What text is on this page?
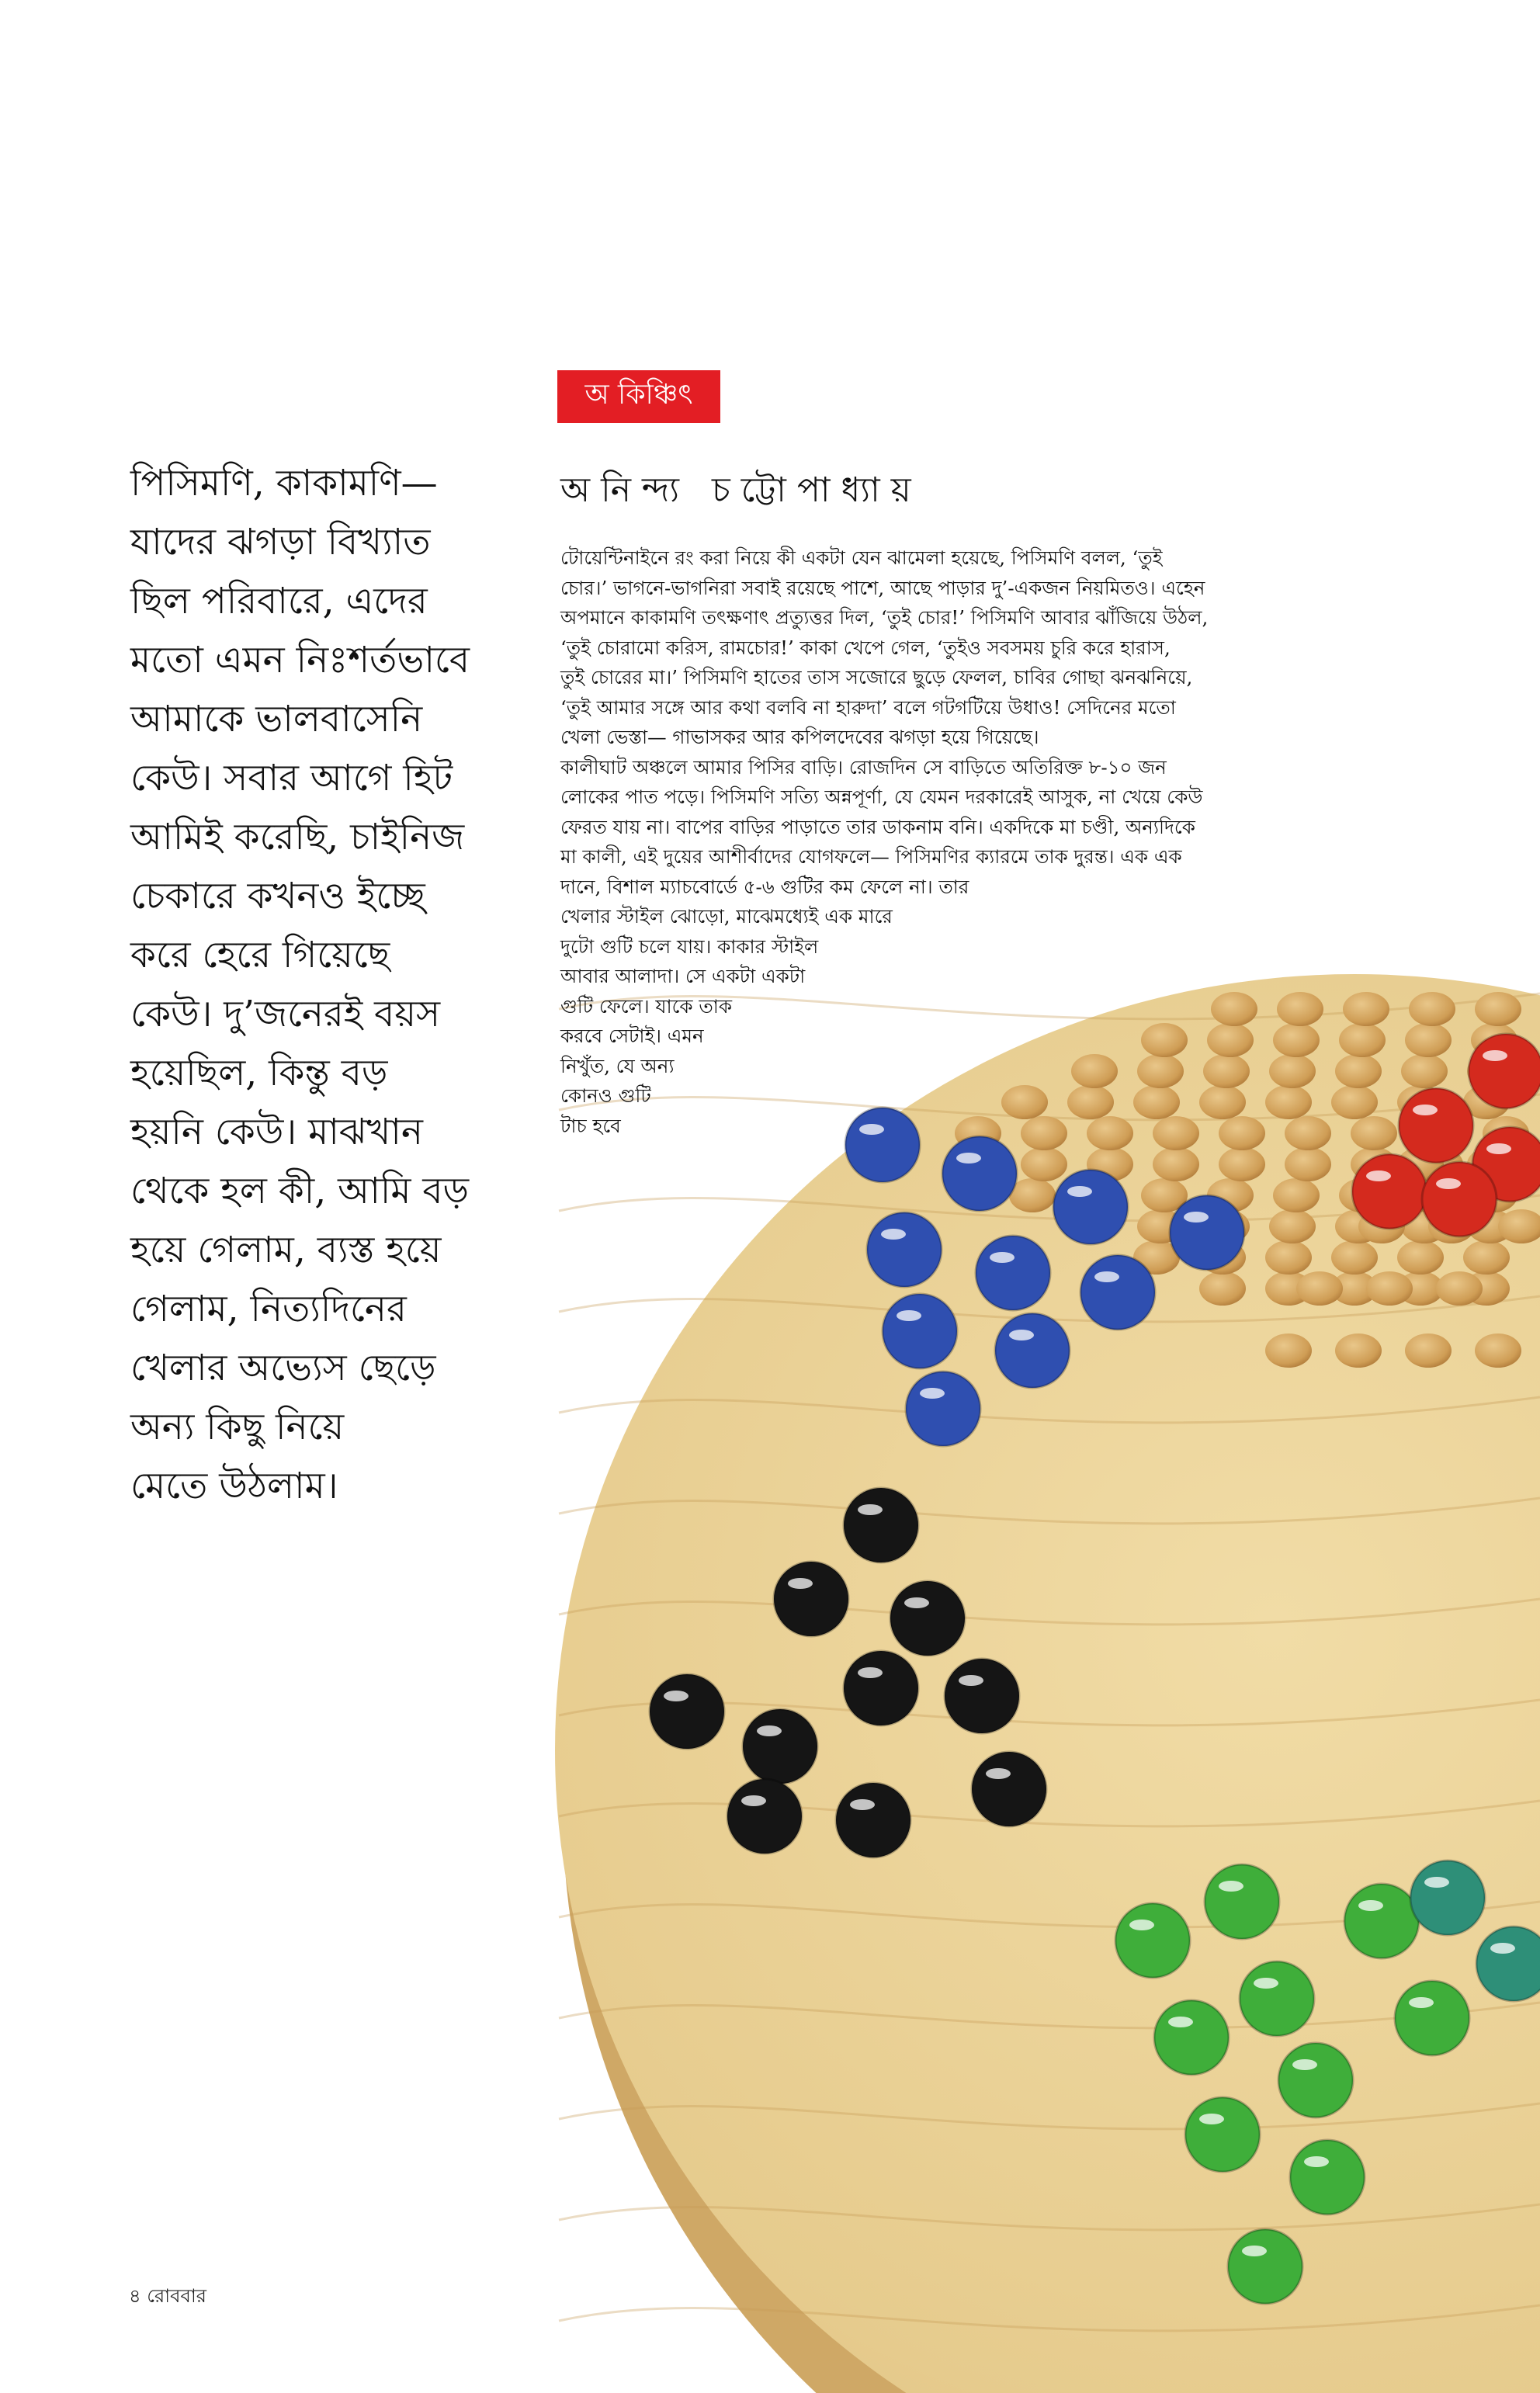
অ কিঞ্চিৎ
পিসিমণি, কাকামণি—
যাদের ঝগড়া বিখ্যাত
ছিল পরিবারে, এদের
মতো এমন নিঃশর্তভাবে
আমাকে ভালবাসেনি
কেউ। সবার আগে হিট
আমিই করেছি, চাইনিজ
চেকারে কখনও ইচ্ছে
করে হেরে গিয়েছে
কেউ। দু’জনেরই বয়স
হয়েছিল, কিন্তু বড়
হয়নি কেউ। মাঝখান
থেকে হল কী, আমি বড়
হয়ে গেলাম, ব্যস্ত হয়ে
গেলাম, নিত্যদিনের
খেলার অভ্যেস ছেড়ে
অন্য কিছু নিয়ে
মেতে উঠলাম।
অনিন্দ্য চট্টোপাধ্যায়
টোয়েন্টিনাইনে রং করা নিয়ে কী একটা যেন ঝামেলা হয়েছে, পিসিমণি বলল, ‘তুই
চোর।’ ভাগনে-ভাগনিরা সবাই রয়েছে পাশে, আছে পাড়ার দু’-একজন নিয়মিতও। এহেন
অপমানে কাকামণি তৎক্ষণাৎ প্রত্যুত্তর দিল, ‘তুই চোর!’ পিসিমণি আবার ঝাঁজিয়ে উঠল,
‘তুই চোরামো করিস, রামচোর!’ কাকা খেপে গেল, ‘তুইও সবসময় চুরি করে হারাস,
তুই চোরের মা।’ পিসিমণি হাতের তাস সজোরে ছুড়ে ফেলল, চাবির গোছা ঝনঝনিয়ে,
‘তুই আমার সঙ্গে আর কথা বলবি না হারুদা’ বলে গটগটিয়ে উধাও! সেদিনের মতো
খেলা ভেস্তা— গাভাসকর আর কপিলদেবের ঝগড়া হয়ে গিয়েছে।
কালীঘাট অঞ্চলে আমার পিসির বাড়ি। রোজদিন সে বাড়িতে অতিরিক্ত ৮-১০ জন
লোকের পাত পড়ে। পিসিমণি সত্যি অন্নপূর্ণা, যে যেমন দরকারেই আসুক, না খেয়ে কেউ
ফেরত যায় না। বাপের বাড়ির পাড়াতে তার ডাকনাম বনি। একদিকে মা চণ্ডী, অন্যদিকে
মা কালী, এই দুয়ের আশীর্বাদের যোগফলে— পিসিমণির ক্যারমে তাক দুরন্ত। এক এক
দানে, বিশাল ম্যাচবোর্ডে ৫-৬ গুটির কম ফেলে না। তার
খেলার স্টাইল ঝোড়ো, মাঝেমধ্যেই এক মারে
দুটো গুটি চলে যায়। কাকার স্টাইল
আবার আলাদা। সে একটা একটা
গুটি ফেলে। যাকে তাক
করবে সেটাই। এমন
নিখুঁত, যে অন্য
কোনও গুটি
টাচ হবে
৪ রোববার
